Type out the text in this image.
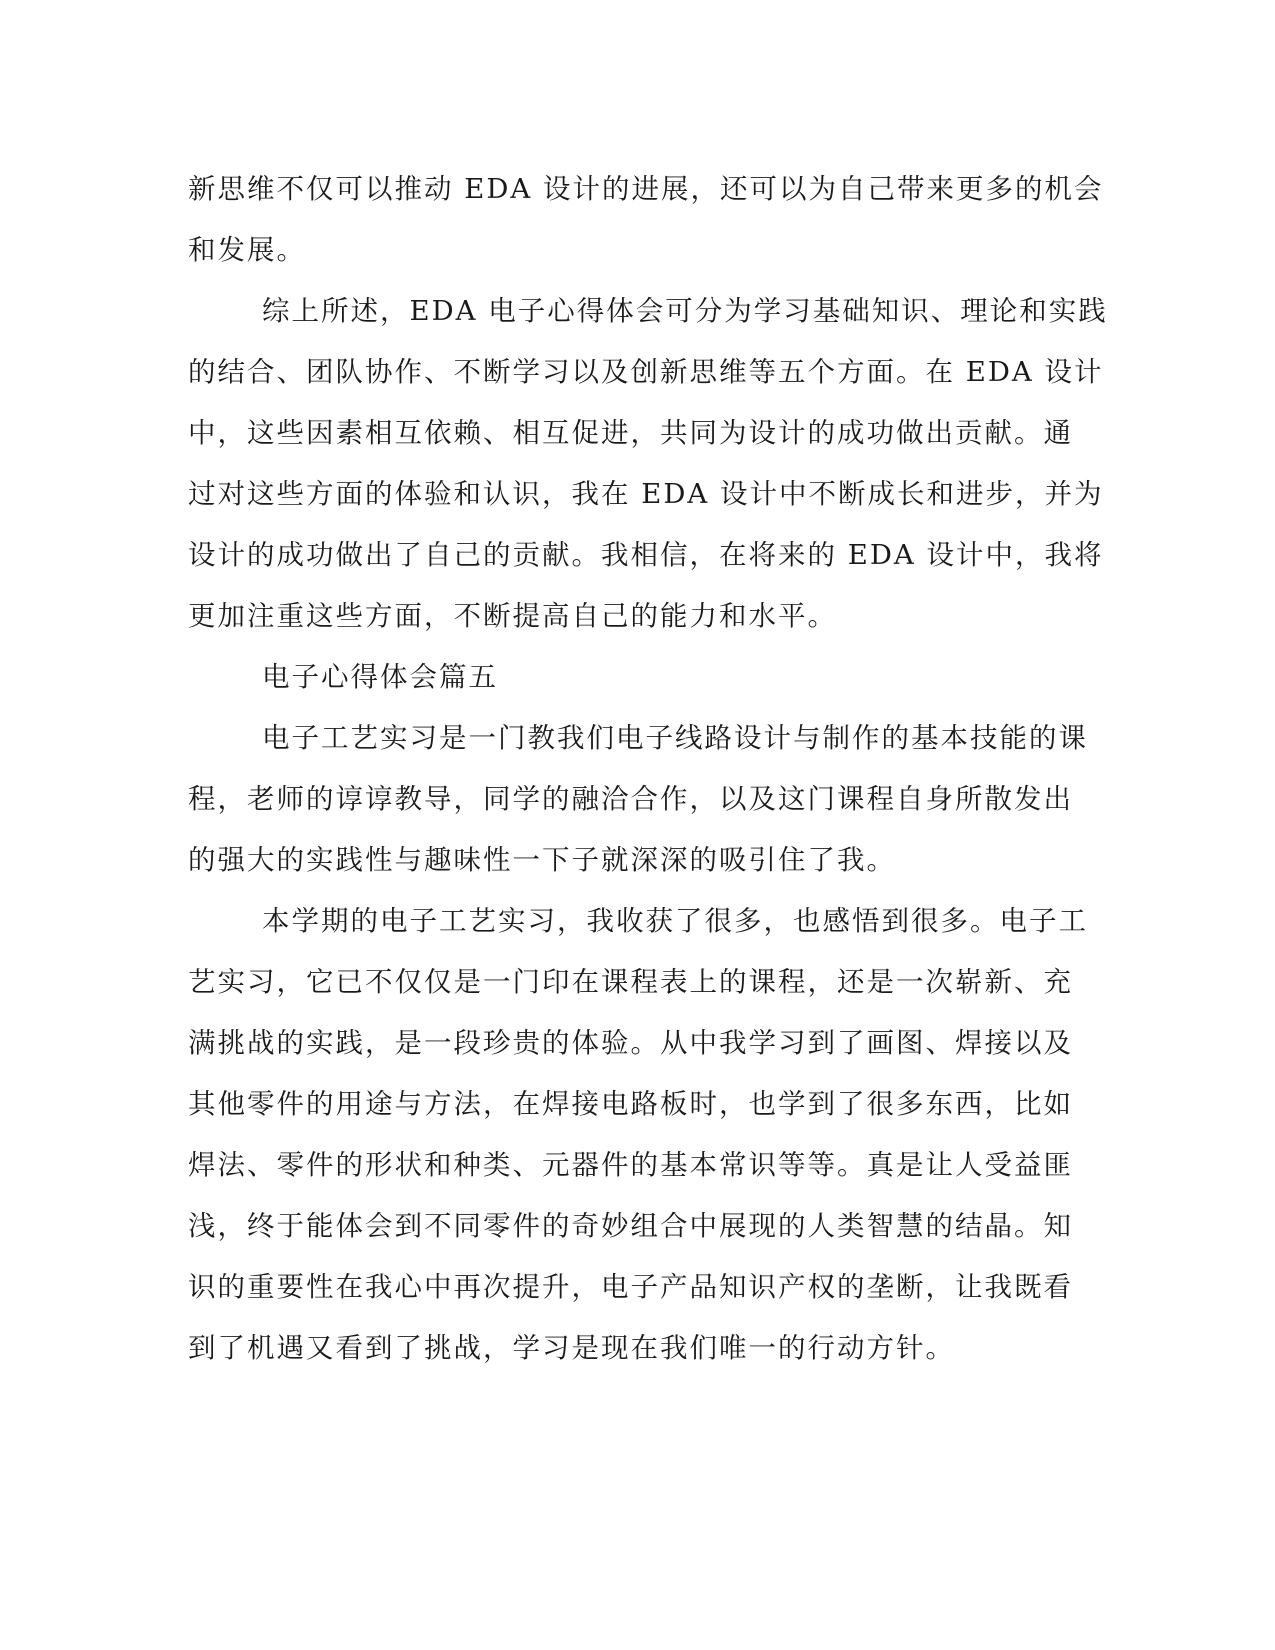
新思维不仅可以推动 EDA 设计的进展，还可以为自己带来更多的机会
和发展。
综上所述，EDA 电子心得体会可分为学习基础知识、理论和实践
的结合、团队协作、不断学习以及创新思维等五个方面。在 EDA 设计
中，这些因素相互依赖、相互促进，共同为设计的成功做出贡献。通
过对这些方面的体验和认识，我在 EDA 设计中不断成长和进步，并为
设计的成功做出了自己的贡献。我相信，在将来的 EDA 设计中，我将
更加注重这些方面，不断提高自己的能力和水平。
电子心得体会篇五
电子工艺实习是一门教我们电子线路设计与制作的基本技能的课
程，老师的谆谆教导，同学的融洽合作，以及这门课程自身所散发出
的强大的实践性与趣味性一下子就深深的吸引住了我。
本学期的电子工艺实习，我收获了很多，也感悟到很多。电子工
艺实习，它已不仅仅是一门印在课程表上的课程，还是一次崭新、充
满挑战的实践，是一段珍贵的体验。从中我学习到了画图、焊接以及
其他零件的用途与方法，在焊接电路板时，也学到了很多东西，比如
焊法、零件的形状和种类、元器件的基本常识等等。真是让人受益匪
浅，终于能体会到不同零件的奇妙组合中展现的人类智慧的结晶。知
识的重要性在我心中再次提升，电子产品知识产权的垄断，让我既看
到了机遇又看到了挑战，学习是现在我们唯一的行动方针。
